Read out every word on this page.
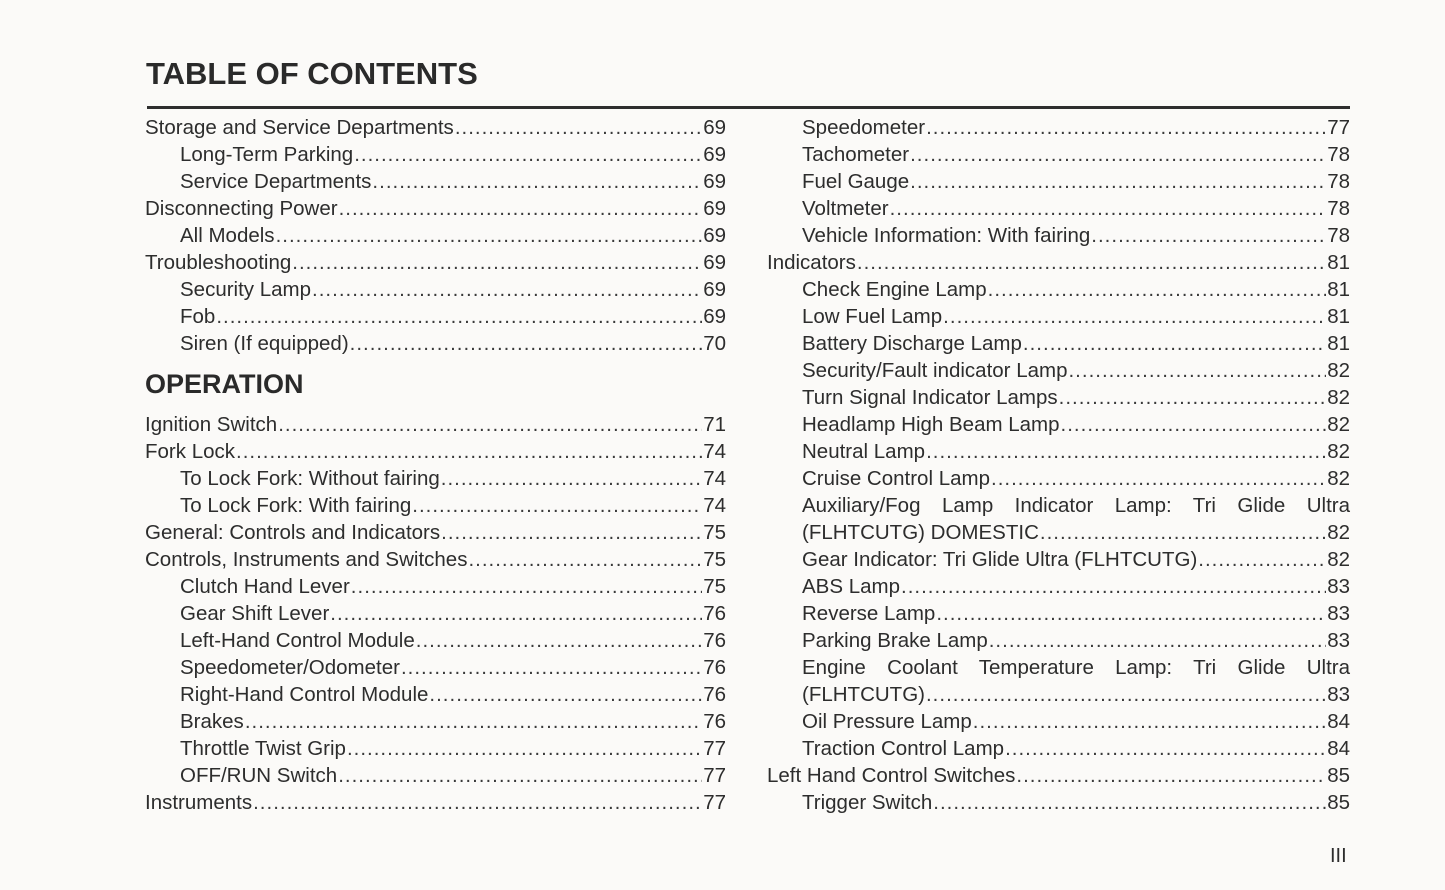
TABLE OF CONTENTS
Storage and Service Departments .....	69
Long-Term Parking .....	69
Service Departments .....	69
Disconnecting Power .....	69
All Models .....	69
Troubleshooting .....	69
Security Lamp .....	69
Fob .....	69
Siren (If equipped) .....	70
OPERATION
Ignition Switch .....	71
Fork Lock .....	74
To Lock Fork: Without fairing .....	74
To Lock Fork: With fairing .....	74
General: Controls and Indicators .....	75
Controls, Instruments and Switches .....	75
Clutch Hand Lever .....	75
Gear Shift Lever .....	76
Left-Hand Control Module .....	76
Speedometer/Odometer .....	76
Right-Hand Control Module .....	76
Brakes .....	76
Throttle Twist Grip .....	77
OFF/RUN Switch .....	77
Instruments .....	77
Speedometer .....	77
Tachometer .....	78
Fuel Gauge .....	78
Voltmeter .....	78
Vehicle Information: With fairing .....	78
Indicators .....	81
Check Engine Lamp .....	81
Low Fuel Lamp .....	81
Battery Discharge Lamp .....	81
Security/Fault indicator Lamp .....	82
Turn Signal Indicator Lamps .....	82
Headlamp High Beam Lamp .....	82
Neutral Lamp .....	82
Cruise Control Lamp .....	82
Auxiliary/Fog Lamp Indicator Lamp: Tri Glide Ultra
(FLHTCUTG) DOMESTIC .....	82
Gear Indicator: Tri Glide Ultra (FLHTCUTG) .....	82
ABS Lamp .....	83
Reverse Lamp .....	83
Parking Brake Lamp .....	83
Engine Coolant Temperature Lamp: Tri Glide Ultra
(FLHTCUTG) .....	83
Oil Pressure Lamp .....	84
Traction Control Lamp .....	84
Left Hand Control Switches .....	85
Trigger Switch .....	85
III
